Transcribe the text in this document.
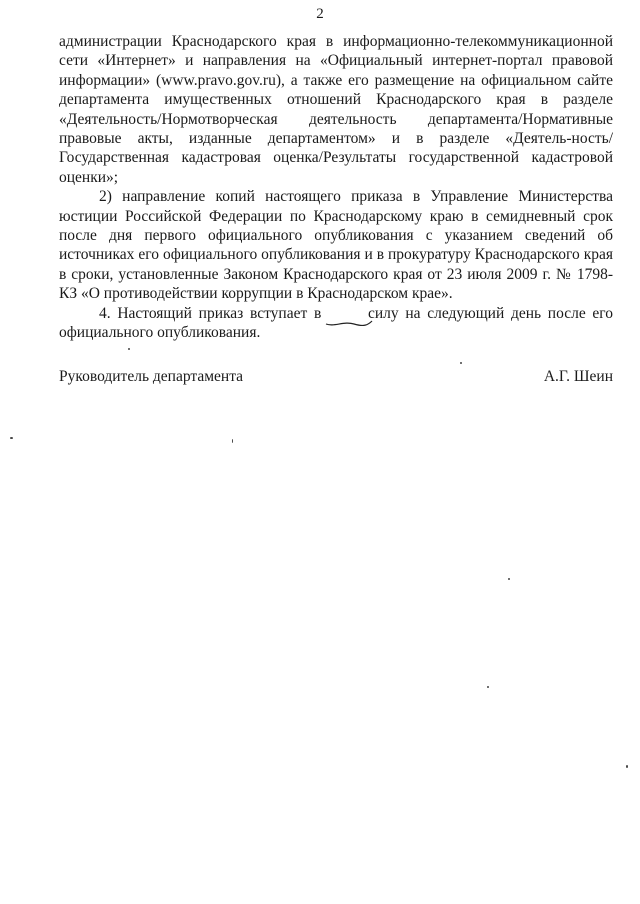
2

администрации Краснодарского края в информационно-телекоммуникационной сети «Интернет» и направления на «Официальный интернет-портал правовой информации» (www.pravo.gov.ru), а также его размещение на официальном сайте департамента имущественных отношений Краснодарского края в разделе «Деятельность/Нормотворческая деятельность департамента/Нормативные правовые акты, изданные департаментом» и в разделе «Деятель-ность/Государственная кадастровая оценка/Результаты государственной кадастровой оценки»;

2) направление копий настоящего приказа в Управление Министерства юстиции Российской Федерации по Краснодарскому краю в семидневный срок после дня первого официального опубликования с указанием сведений об источниках его официального опубликования и в прокуратуру Краснодарского края в сроки, установленные Законом Краснодарского края от 23 июля 2009 г. № 1798-КЗ «О противодействии коррупции в Краснодарском крае».

4. Настоящий приказ вступает в	силу
на следующий день после его официального опубликования.

Руководитель департамента	А.Г. Шеин
